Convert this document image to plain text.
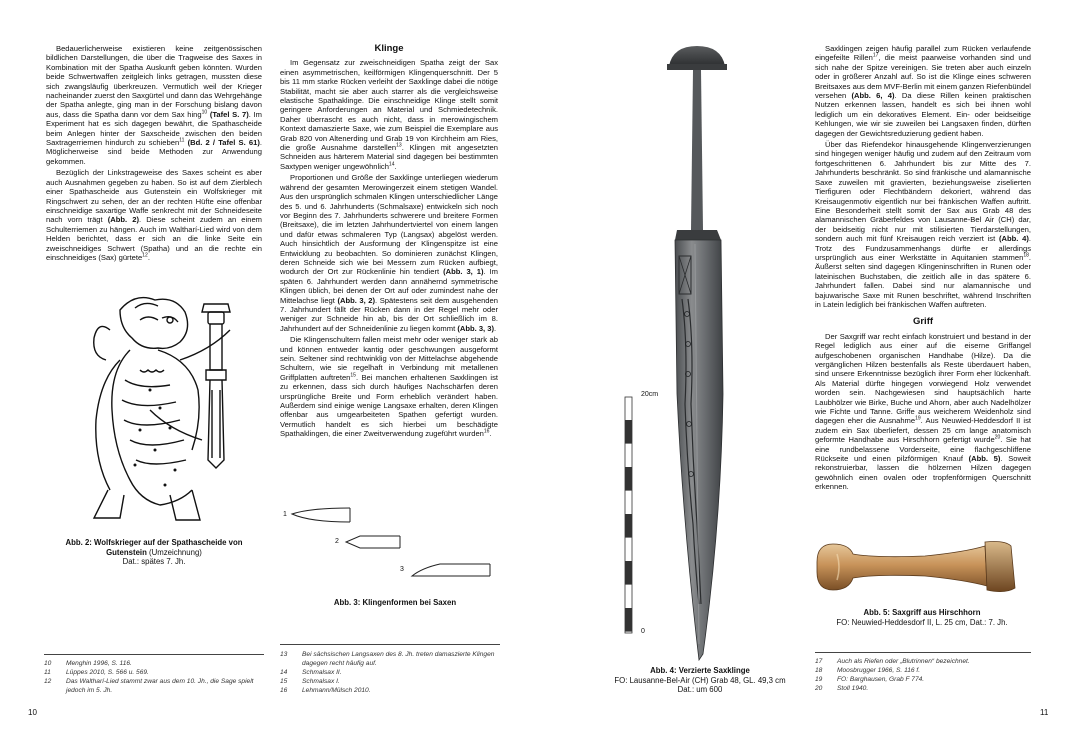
Bedauerlicherweise existieren keine zeitgenössischen bildlichen Darstellungen, die über die Tragweise des Saxes in Kombination mit der Spatha Auskunft geben könnten. Wurden beide Schwertwaffen zeitgleich links getragen, mussten diese sich zwangsläufig überkreuzen. Vermutlich weil der Krieger nacheinander zuerst den Saxgürtel und dann das Wehrgehänge der Spatha anlegte, ging man in der Forschung bislang davon aus, dass die Spatha dann vor dem Sax hing$^{10}$ (Tafel S. 7). Im Experiment hat es sich dagegen bewährt, die Spathascheide beim Anlegen hinter der Saxscheide zwischen den beiden Saxtragerriemen hindurch zu schieben$^{11}$ (Bd. 2 / Tafel S. 61). Möglicherweise sind beide Methoden zur Anwendung gekommen.

Bezüglich der Linkstrageweise des Saxes scheint es aber auch Ausnahmen gegeben zu haben. So ist auf dem Zierblech einer Spathascheide aus Gutenstein ein Wolfskrieger mit Ringschwert zu sehen, der an der rechten Hüfte eine offenbar einschneidige saxartige Waffe senkrecht mit der Schneideseite nach vorn trägt (Abb. 2). Diese scheint zudem an einem Schulterriemen zu hängen. Auch im Waltharí-Lied wird von dem Helden berichtet, dass er sich an die linke Seite ein zweischneidiges Schwert (Spatha) und an die rechte ein einschneidiges (Sax) gürtete$^{12}$.

Abb. 2: Wolfskrieger auf der Spathascheide von Gutenstein (Umzeichnung)
Dat.: spätes 7. Jh.
Klinge

Im Gegensatz zur zweischneidigen Spatha zeigt der Sax einen asymmetrischen, keilförmigen Klingenquerschnitt. Der 5 bis 11 mm starke Rücken verleiht der Saxklinge dabei die nötige Stabilität, macht sie aber auch starrer als die vergleichsweise elastische Spathaklinge. Die einschneidige Klinge stellt somit geringere Anforderungen an Material und Schmiedetechnik. Daher überrascht es auch nicht, dass in merowingischem Kontext damaszierte Saxe, wie zum Beispiel die Exemplare aus Grab 820 von Altenerding und Grab 19 von Kirchheim am Ries, die große Ausnahme darstellen$^{13}$. Klingen mit angesetzten Schneiden aus härterem Material sind dagegen bei bestimmten Saxtypen weniger ungewöhnlich$^{14}$.

Proportionen und Größe der Saxklinge unterliegen wiederum während der gesamten Merowingerzeit einem stetigen Wandel. Aus den ursprünglich schmalen Klingen unterschiedlicher Länge des 5. und 6. Jahrhunderts (Schmalsaxe) entwickeln sich noch vor Beginn des 7. Jahrhunderts schwerere und breitere Formen (Breitsaxe), die im letzten Jahrhundertviertel von einem langen und dafür etwas schmaleren Typ (Langsax) abgelöst werden. Auch hinsichtlich der Ausformung der Klingenspitze ist eine Entwicklung zu beobachten. So dominieren zunächst Klingen, deren Schneide sich wie bei Messern zum Rücken aufbiegt, wodurch der Ort zur Rückenlinie hin tendiert (Abb. 3, 1). Im späten 6. Jahrhundert werden dann annähernd symmetrische Klingen üblich, bei denen der Ort auf oder zumindest nahe der Mittelachse liegt (Abb. 3, 2). Spätestens seit dem ausgehenden 7. Jahrhundert fällt der Rücken dann in der Regel mehr oder weniger zur Schneide hin ab, bis der Ort schließlich im 8. Jahrhundert auf der Schneidenlinie zu liegen kommt (Abb. 3, 3).

Die Klingenschultern fallen meist mehr oder weniger stark ab und können entweder kantig oder geschwungen ausgeformt sein. Seltener sind rechtwinklig von der Mittelachse abgehende Schultern, wie sie regelhaft in Verbindung mit metallenen Griffplatten auftreten$^{15}$. Bei manchen erhaltenen Saxklingen ist zu erkennen, dass sich durch häufiges Nachschärfen deren ursprüngliche Breite und Form erheblich verändert haben. Außerdem sind einige wenige Langsaxe erhalten, deren Klingen offenbar aus umgearbeiteten Spathen gefertigt wurden. Vermutlich handelt es sich hierbei um beschädigte Spathaklingen, die einer Zweitverwendung zugeführt wurden$^{16}$.

1
2
3
Abb. 3: Klingenformen bei Saxen
10	Menghin 1996, S. 116.
11	Lüppes 2010, S. 566 u. 569.
12	Das Waltharí-Lied stammt zwar aus dem 10. Jh., die Sage spielt jedoch im 5. Jh.
13	Bei sächsischen Langsaxen des 8. Jh. treten damaszierte Klingen dagegen recht häufig auf.
14	Schmalsax II.
15	Schmalsax I.
16	Lehmann/Mülsch 2010.
10
20cm
0
Abb. 4: Verzierte Saxklinge
FO: Lausanne-Bel-Air (CH) Grab 48, GL. 49,3 cm
Dat.: um 600

Saxklingen zeigen häufig parallel zum Rücken verlaufende eingefeilte Rillen$^{17}$, die meist paarweise vorhanden sind und sich nahe der Spitze vereinigen. Sie treten aber auch einzeln oder in größerer Anzahl auf. So ist die Klinge eines schweren Breitsaxes aus dem MVF-Berlin mit einem ganzen Riefenbündel versehen (Abb. 6, 4). Da diese Rillen keinen praktischen Nutzen erkennen lassen, handelt es sich bei ihnen wohl lediglich um ein dekoratives Element. Ein- oder beidseitige Kehlungen, wie wir sie zuweilen bei Langsaxen finden, dürften dagegen der Gewichtsreduzierung gedient haben.

Über das Riefendekor hinausgehende Klingenverzierungen sind hingegen weniger häufig und zudem auf den Zeitraum vom fortgeschrittenen 6. Jahrhundert bis zur Mitte des 7. Jahrhunderts beschränkt. So sind fränkische und alamannische Saxe zuweilen mit gravierten, beziehungsweise ziselierten Tierfiguren oder Flechtbändern dekoriert, während das Kreisaugenmotiv eigentlich nur bei fränkischen Waffen auftritt. Eine Besonderheit stellt somit der Sax aus Grab 48 des alamannischen Gräberfeldes von Lausanne-Bel Air (CH) dar, der beidseitig nicht nur mit stilisierten Tierdarstellungen, sondern auch mit fünf Kreisaugen reich verziert ist (Abb. 4). Trotz des Fundzusammenhangs dürfte er allerdings ursprünglich aus einer Werkstätte in Aquitanien stammen$^{18}$. Äußerst selten sind dagegen Klingeninschriften in Runen oder lateinischen Buchstaben, die zeitlich alle in das spätere 6. Jahrhundert fallen. Dabei sind nur alamannische und bajuwarische Saxe mit Runen beschriftet, während Inschriften in Latein lediglich bei fränkischen Waffen auftreten.

Griff

Der Saxgriff war recht einfach konstruiert und bestand in der Regel lediglich aus einer auf die eiserne Griffangel aufgeschobenen organischen Handhabe (Hilze). Da die vergänglichen Hilzen bestenfalls als Reste überdauert haben, sind unsere Erkenntnisse bezüglich ihrer Form eher lückenhaft. Als Material dürfte hingegen vorwiegend Holz verwendet worden sein. Nachgewiesen sind hauptsächlich harte Laubhölzer wie Birke, Buche und Ahorn, aber auch Nadelhölzer wie Fichte und Tanne. Griffe aus weicherem Weidenholz sind dagegen eher die Ausnahme$^{19}$. Aus Neuwied-Heddesdorf II ist zudem ein Sax überliefert, dessen 25 cm lange anatomisch geformte Handhabe aus Hirschhorn gefertigt wurde$^{20}$. Sie hat eine rundbelassene Vorderseite, eine flachgeschliffene Rückseite und einen pilzförmigen Knauf (Abb. 5). Soweit rekonstruierbar, lassen die hölzernen Hilzen dagegen gewöhnlich einen ovalen oder tropfenförmigen Querschnitt erkennen.

Abb. 5: Saxgriff aus Hirschhorn
FO: Neuwied-Heddesdorf II, L. 25 cm, Dat.: 7. Jh.
17	Auch als Riefen oder „Blutrinnen“ bezeichnet.
18	Moosbrugger 1966, S. 116 f.
19	FO: Barghausen, Grab F 774.
20	Stoll 1940.
11
